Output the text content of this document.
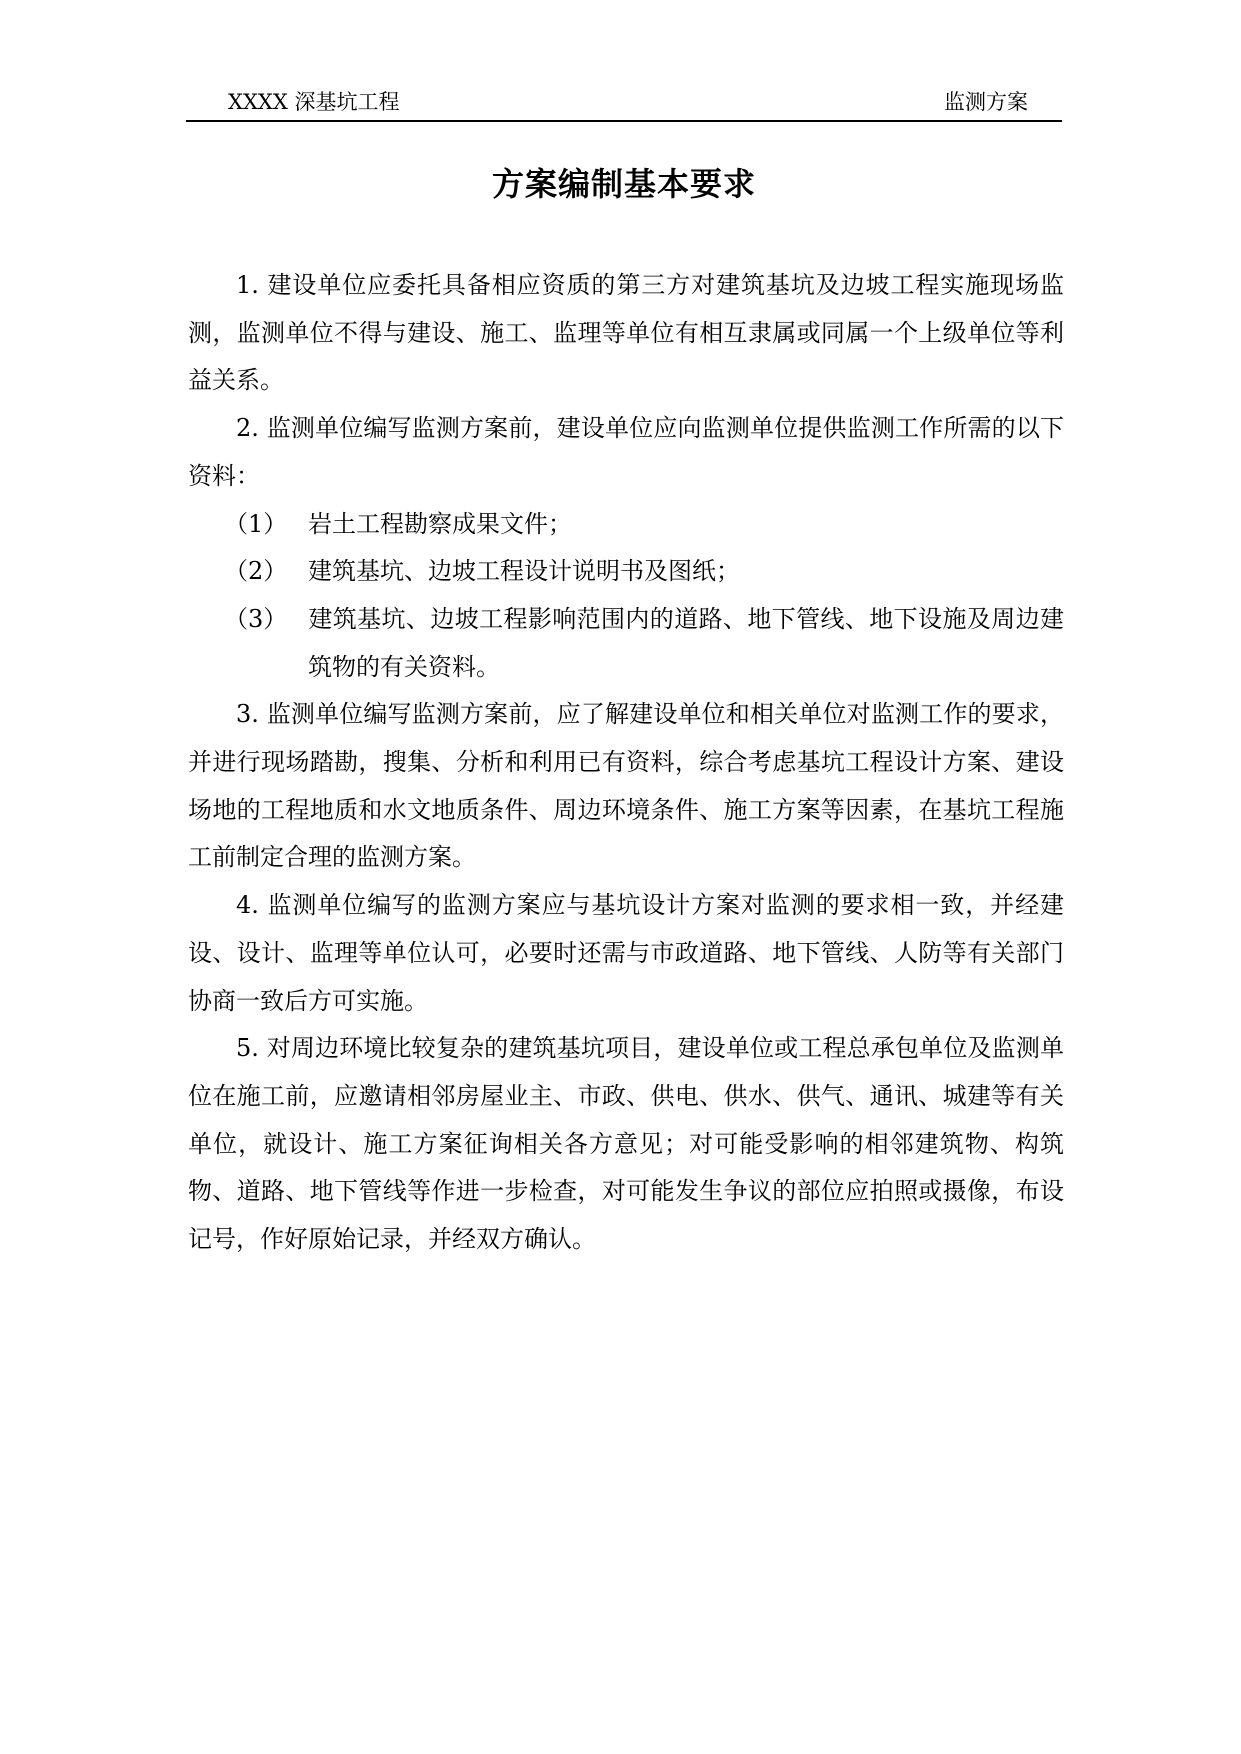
XXXX 深基坑工程	监测方案
方案编制基本要求

1. 建设单位应委托具备相应资质的第三方对建筑基坑及边坡工程实施现场监测，监测单位不得与建设、施工、监理等单位有相互隶属或同属一个上级单位等利益关系。

2. 监测单位编写监测方案前，建设单位应向监测单位提供监测工作所需的以下资料：

（1） 岩土工程勘察成果文件；

（2） 建筑基坑、边坡工程设计说明书及图纸；

（3） 建筑基坑、边坡工程影响范围内的道路、地下管线、地下设施及周边建筑物的有关资料。

3. 监测单位编写监测方案前，应了解建设单位和相关单位对监测工作的要求，并进行现场踏勘，搜集、分析和利用已有资料，综合考虑基坑工程设计方案、建设场地的工程地质和水文地质条件、周边环境条件、施工方案等因素，在基坑工程施工前制定合理的监测方案。

4. 监测单位编写的监测方案应与基坑设计方案对监测的要求相一致，并经建设、设计、监理等单位认可，必要时还需与市政道路、地下管线、人防等有关部门协商一致后方可实施。

5. 对周边环境比较复杂的建筑基坑项目，建设单位或工程总承包单位及监测单位在施工前，应邀请相邻房屋业主、市政、供电、供水、供气、通讯、城建等有关单位，就设计、施工方案征询相关各方意见；对可能受影响的相邻建筑物、构筑物、道路、地下管线等作进一步检查，对可能发生争议的部位应拍照或摄像，布设记号，作好原始记录，并经双方确认。
